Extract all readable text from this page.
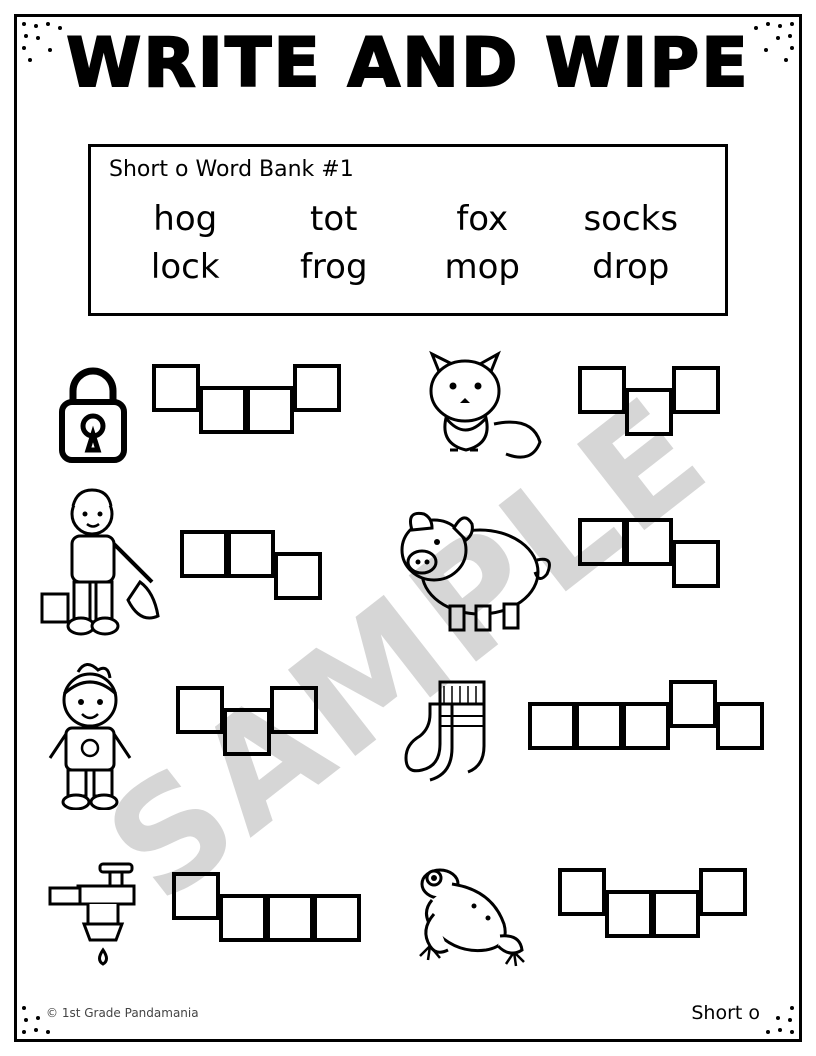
WRITE AND WIPE
Short o Word Bank #1
hog	tot	fox	socks
lock	frog	mop	drop
SAMPLE
© 1st Grade Pandamania	Short o
